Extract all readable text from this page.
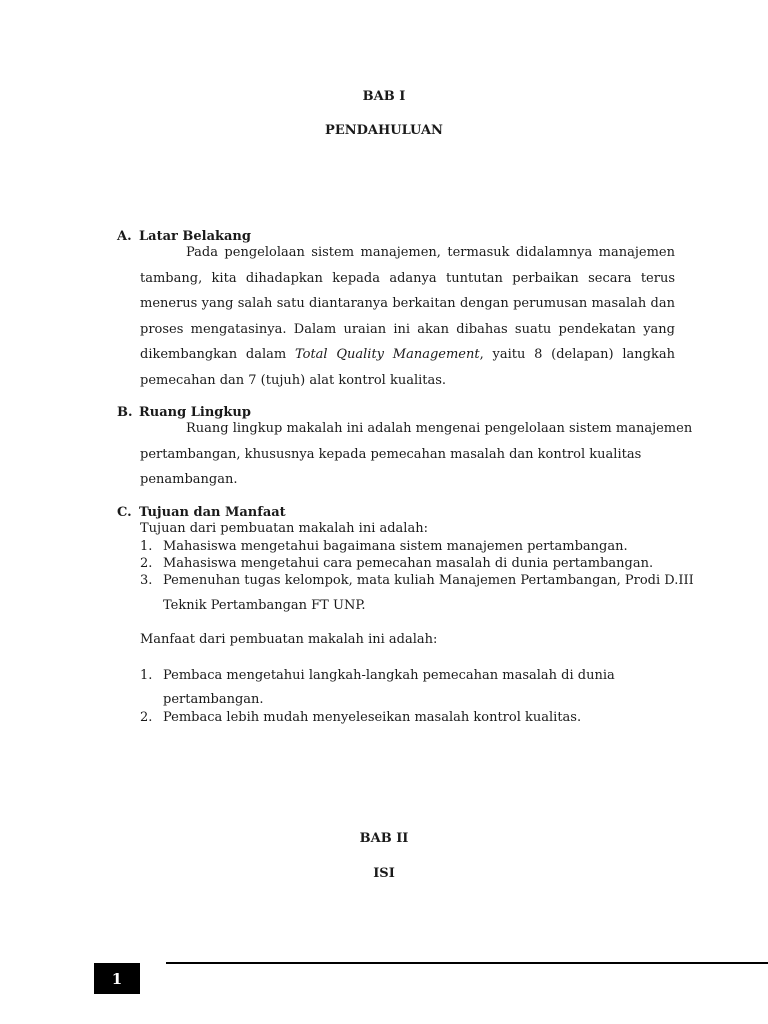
BAB I
PENDAHULUAN
A. Latar Belakang
Pada pengelolaan sistem manajemen, termasuk didalamnya manajemen tambang, kita dihadapkan kepada adanya tuntutan perbaikan secara terus menerus yang salah satu diantaranya berkaitan dengan perumusan masalah dan proses mengatasinya. Dalam uraian ini akan dibahas suatu pendekatan yang dikembangkan dalam Total Quality Management, yaitu 8 (delapan) langkah pemecahan dan 7 (tujuh) alat kontrol kualitas.
B. Ruang Lingkup
Ruang lingkup makalah ini adalah mengenai pengelolaan sistem manajemen
pertambangan, khususnya kepada pemecahan masalah dan kontrol kualitas
penambangan.
C. Tujuan dan Manfaat
Tujuan dari pembuatan makalah ini adalah:
1. Mahasiswa mengetahui bagaimana sistem manajemen pertambangan.
2. Mahasiswa mengetahui cara pemecahan masalah di dunia pertambangan.
3. Pemenuhan tugas kelompok, mata kuliah Manajemen Pertambangan, Prodi D.III
Teknik Pertambangan FT UNP.
Manfaat dari pembuatan makalah ini adalah:
1. Pembaca mengetahui langkah-langkah pemecahan masalah di dunia
pertambangan.
2. Pembaca lebih mudah menyeleseikan masalah kontrol kualitas.
BAB II
ISI
1
